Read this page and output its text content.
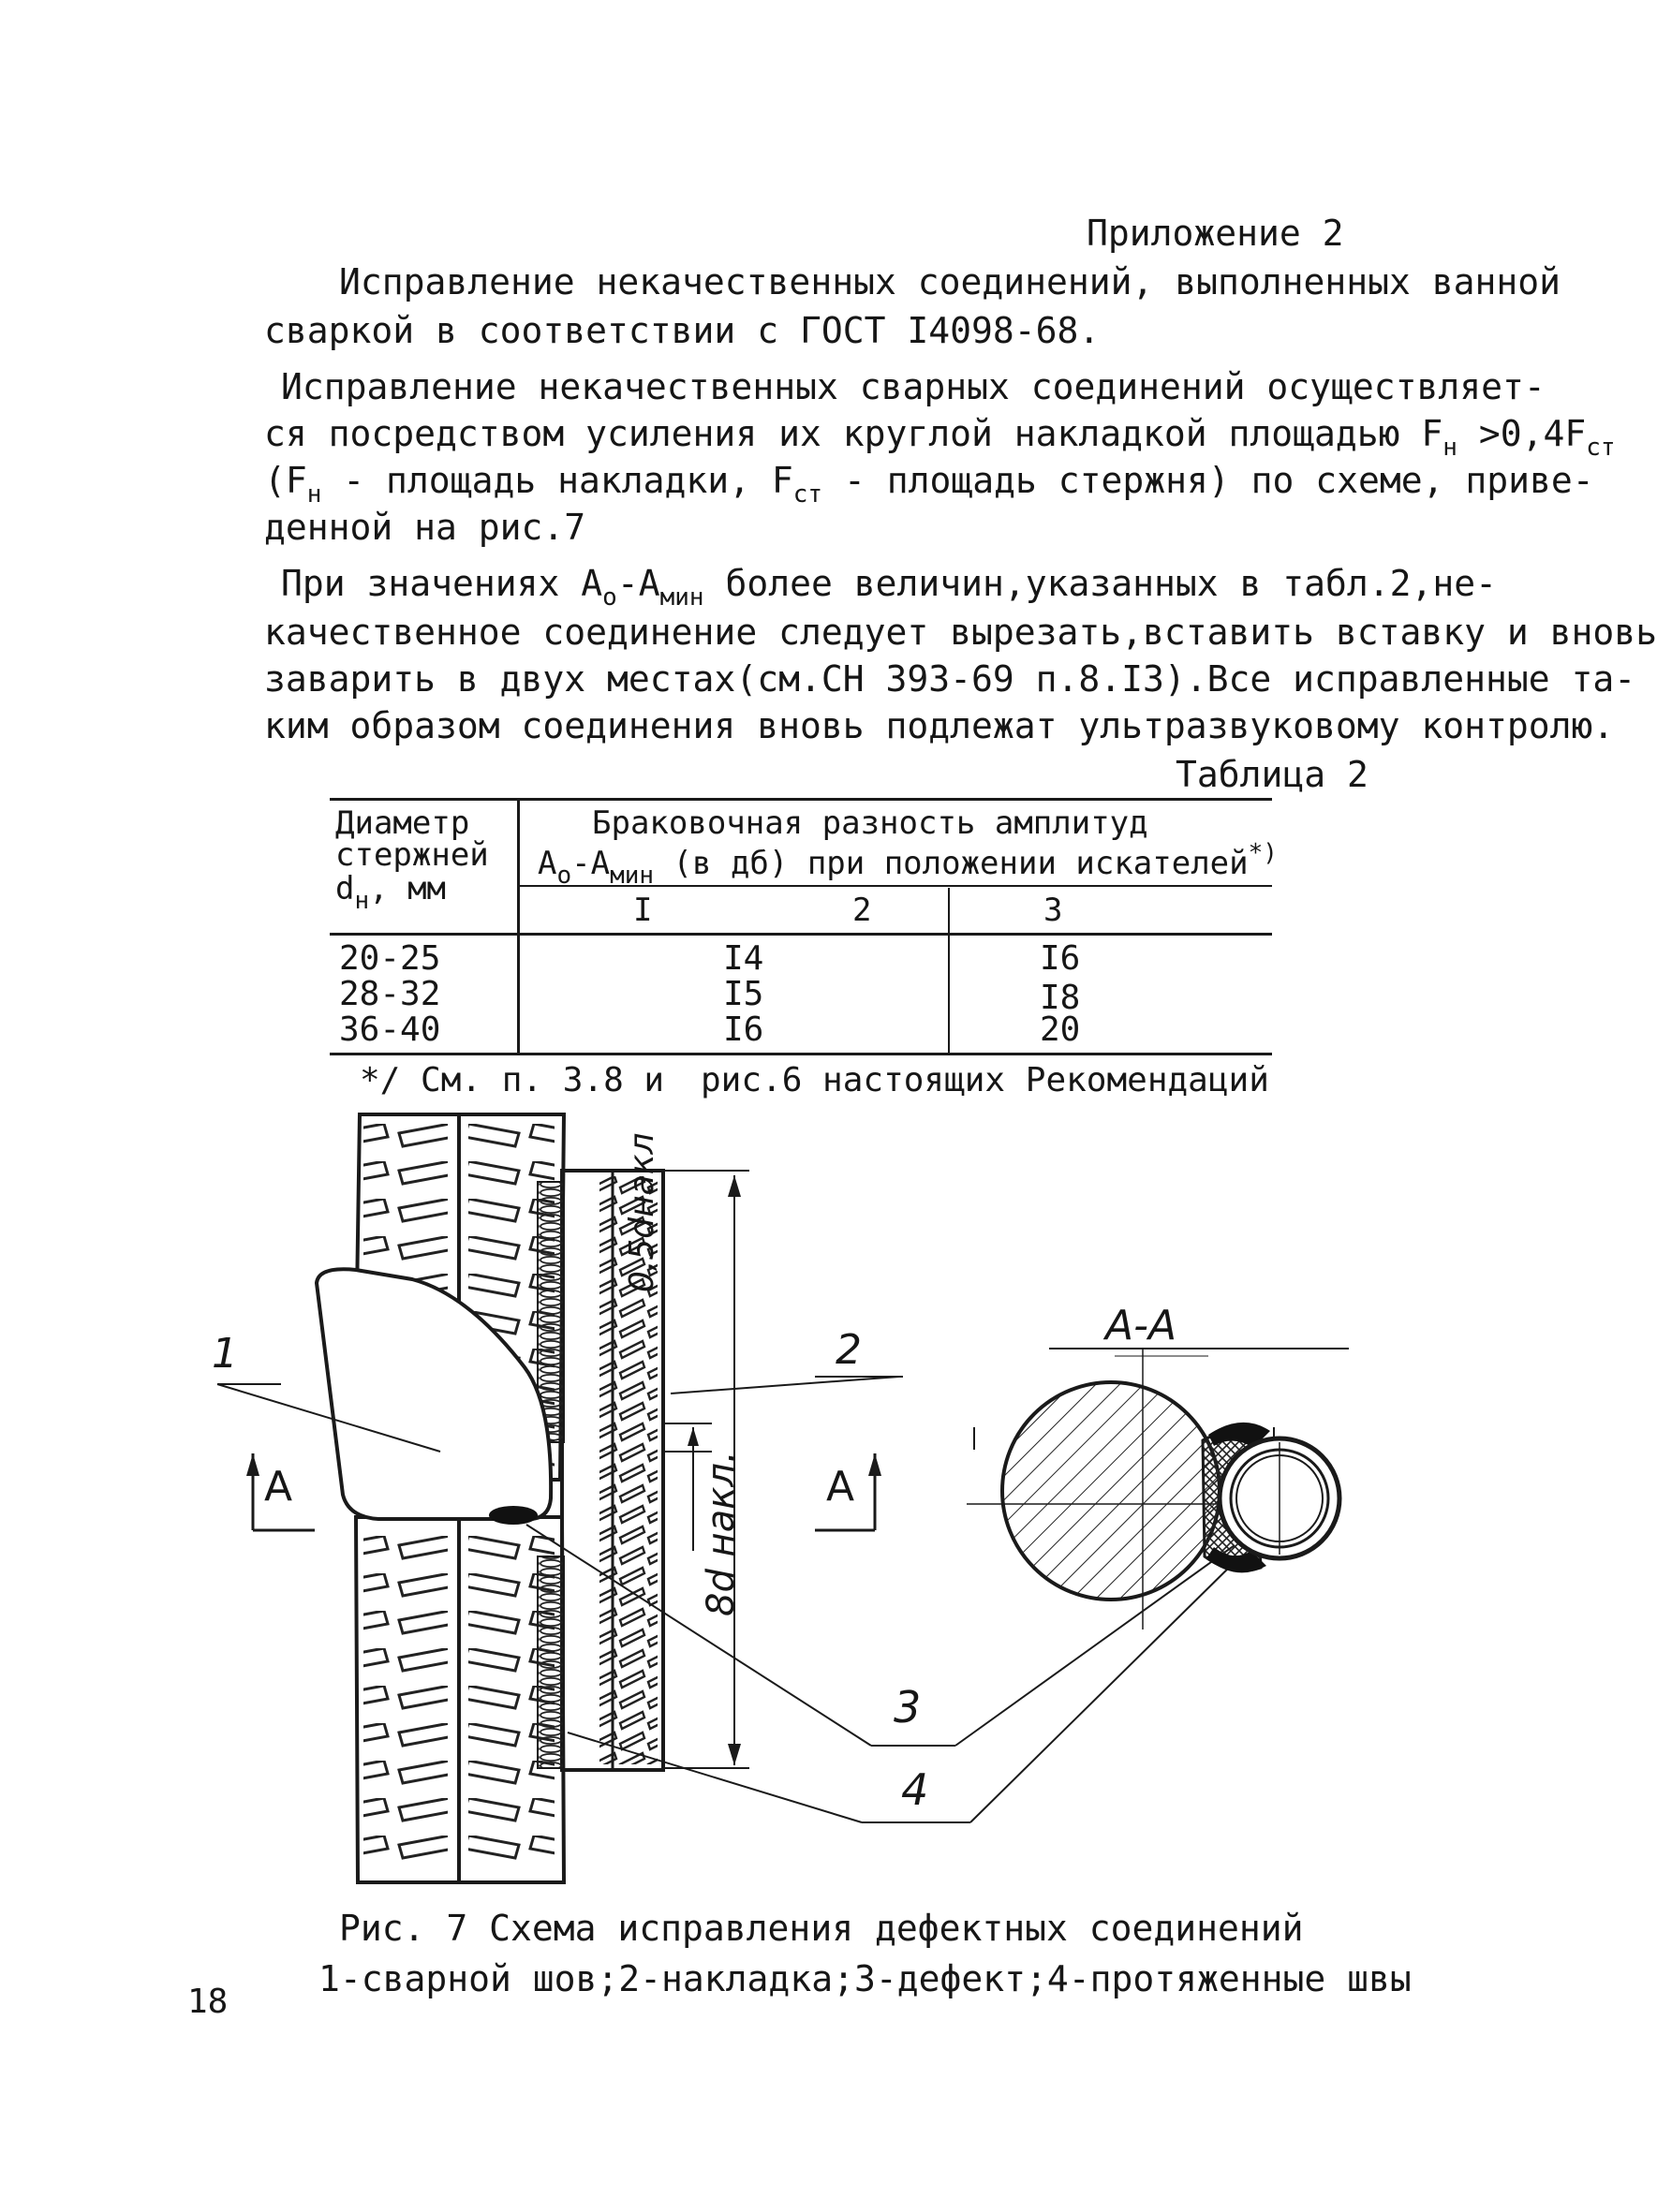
Приложение 2
Исправление некачественных соединений, выполненных ванной
сваркой в соответствии с ГОСТ I4098-68.
Исправление некачественных сварных соединений осуществляет-
ся посредством усиления их круглой накладкой площадью $F_н >0,4F_{ст}$
($F_н$ - площадь накладки, $F_{ст}$ - площадь стержня) по схеме, приве-
денной на рис.7
При значениях $A_о-A_{мин}$ более величин,указанных в табл.2,не-
качественное соединение следует вырезать,вставить вставку и вновь
заварить в двух местах(см.СН 393-69 п.8.I3).Все исправленные та-
ким образом соединения вновь подлежат ультразвуковому контролю.
Таблица 2
Диаметр
стержней
$d_н$, мм
Браковочная разность амплитуд
$A_о-A_{мин}$ (в дб) при положении искателей*)
I	2	3
20-25	I4	I6
28-32	I5	I8
36-40	I6	20
*/ См. п. 3.8 и рис.6 настоящих Рекомендаций
1	2
3
4
A	A
A-A
0,5dнакл
8d накл.
Рис. 7 Схема исправления дефектных соединений
1-сварной шов;2-накладка;3-дефект;4-протяженные швы
18
